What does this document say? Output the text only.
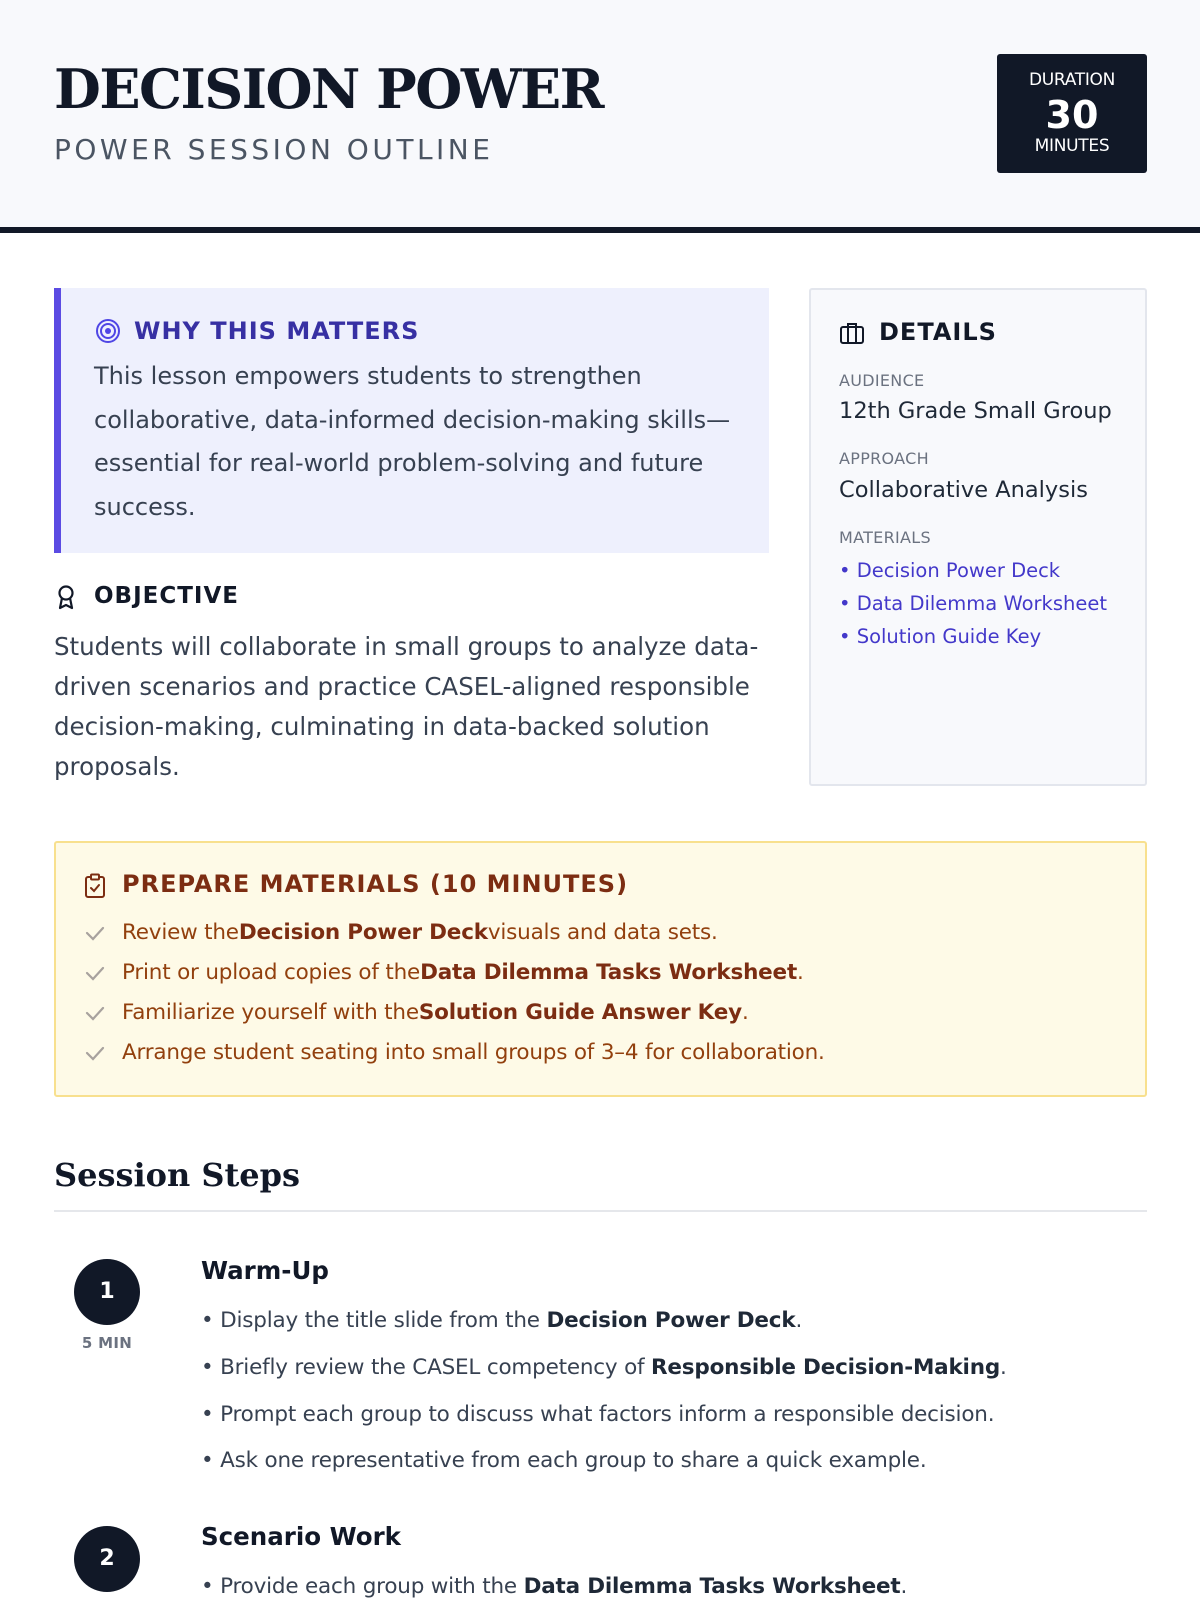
DECISION POWER
POWER SESSION OUTLINE
DURATION
30
MINUTES
WHY THIS MATTERS
This lesson empowers students to strengthen collaborative, data-informed decision-making skills—essential for real-world problem-solving and future success.
OBJECTIVE
Students will collaborate in small groups to analyze data-driven scenarios and practice CASEL-aligned responsible decision-making, culminating in data-backed solution proposals.
DETAILS
AUDIENCE
12th Grade Small Group
APPROACH
Collaborative Analysis
MATERIALS
• Decision Power Deck
• Data Dilemma Worksheet
• Solution Guide Key
PREPARE MATERIALS (10 MINUTES)
Review theDecision Power Deckvisuals and data sets.
Print or upload copies of theData Dilemma Tasks Worksheet.
Familiarize yourself with theSolution Guide Answer Key.
Arrange student seating into small groups of 3–4 for collaboration.
Session Steps
1
5 MIN
Warm-Up
• Display the title slide from the Decision Power Deck.
• Briefly review the CASEL competency of Responsible Decision-Making.
• Prompt each group to discuss what factors inform a responsible decision.
• Ask one representative from each group to share a quick example.
2
Scenario Work
• Provide each group with the Data Dilemma Tasks Worksheet.
